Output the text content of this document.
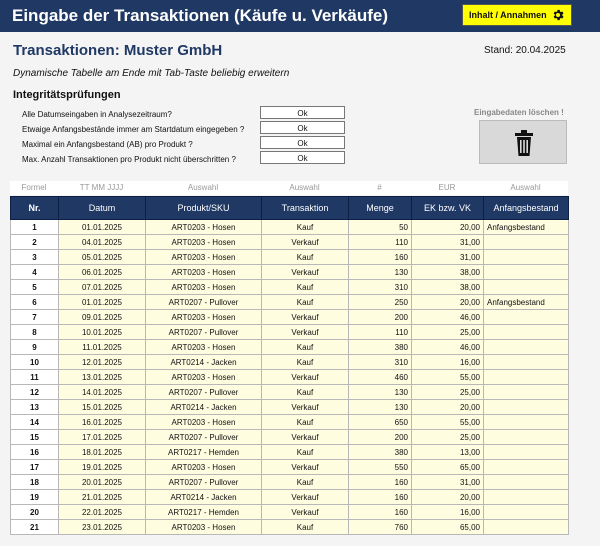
Eingabe der Transaktionen (Käufe u. Verkäufe)	Inhalt / Annahmen
Transaktionen: Muster GmbH	Stand: 20.04.2025
Dynamische Tabelle am Ende mit Tab-Taste beliebig erweitern
Integritätsprüfungen
Alle Datumseingaben in Analysezeitraum?	Ok
Etwaige Anfangsbestände immer am Startdatum eingegeben ?	Ok
Maximal ein Anfangsbestand (AB) pro Produkt ?	Ok
Max. Anzahl Transaktionen pro Produkt nicht überschritten ?	Ok
Eingabedaten löschen !
Formel	TT MM JJJJ	Auswahl	Auswahl	#	EUR	Auswahl
Nr.	Datum	Produkt/SKU	Transaktion	Menge	EK bzw. VK	Anfangsbestand
1	01.01.2025	ART0203 - Hosen	Kauf	50	20,00	Anfangsbestand
2	04.01.2025	ART0203 - Hosen	Verkauf	110	31,00	
3	05.01.2025	ART0203 - Hosen	Kauf	160	31,00	
4	06.01.2025	ART0203 - Hosen	Verkauf	130	38,00	
5	07.01.2025	ART0203 - Hosen	Kauf	310	38,00	
6	01.01.2025	ART0207 - Pullover	Kauf	250	20,00	Anfangsbestand
7	09.01.2025	ART0203 - Hosen	Verkauf	200	46,00	
8	10.01.2025	ART0207 - Pullover	Verkauf	110	25,00	
9	11.01.2025	ART0203 - Hosen	Kauf	380	46,00	
10	12.01.2025	ART0214 - Jacken	Kauf	310	16,00	
11	13.01.2025	ART0203 - Hosen	Verkauf	460	55,00	
12	14.01.2025	ART0207 - Pullover	Kauf	130	25,00	
13	15.01.2025	ART0214 - Jacken	Verkauf	130	20,00	
14	16.01.2025	ART0203 - Hosen	Kauf	650	55,00	
15	17.01.2025	ART0207 - Pullover	Verkauf	200	25,00	
16	18.01.2025	ART0217 - Hemden	Kauf	380	13,00	
17	19.01.2025	ART0203 - Hosen	Verkauf	550	65,00	
18	20.01.2025	ART0207 - Pullover	Kauf	160	31,00	
19	21.01.2025	ART0214 - Jacken	Verkauf	160	20,00	
20	22.01.2025	ART0217 - Hemden	Verkauf	160	16,00	
21	23.01.2025	ART0203 - Hosen	Kauf	760	65,00	
